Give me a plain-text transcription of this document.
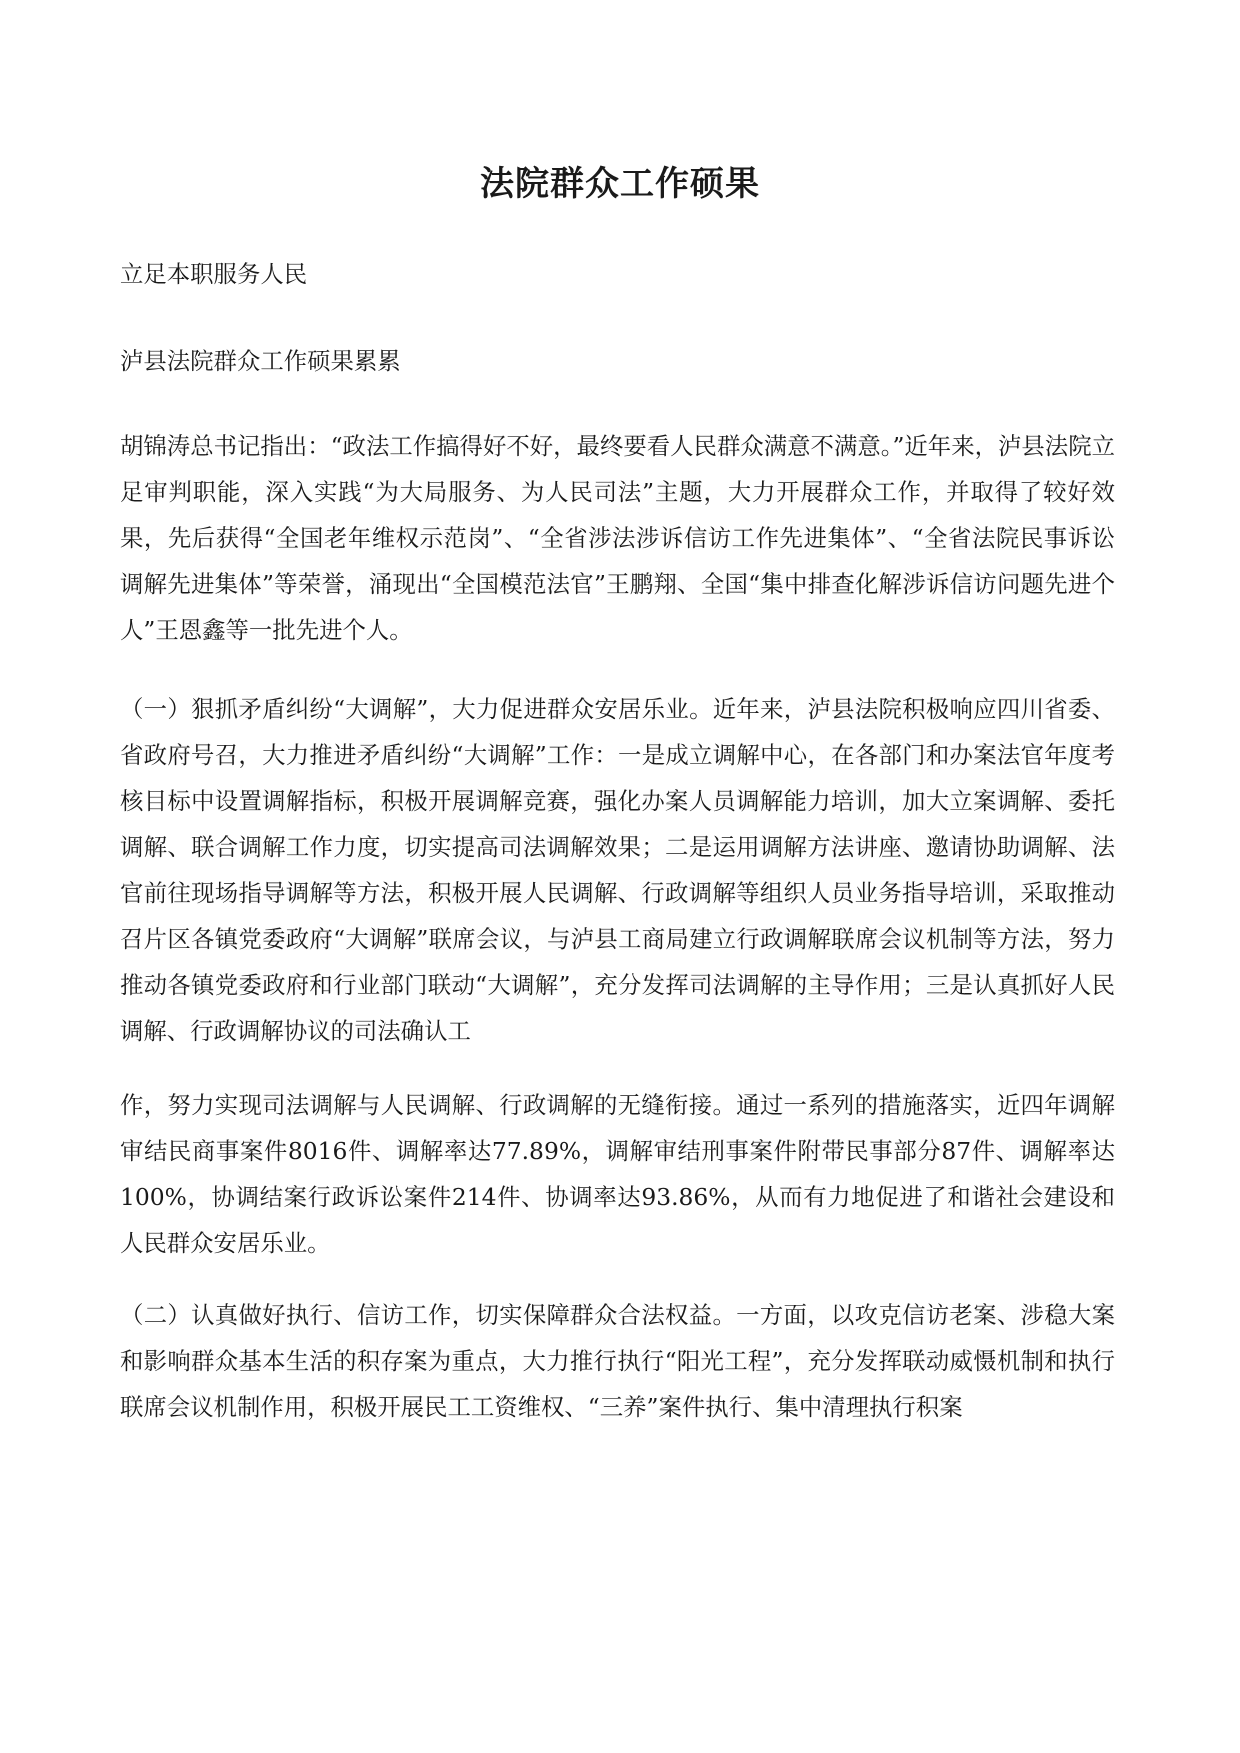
法院群众工作硕果
立足本职服务人民
泸县法院群众工作硕果累累
胡锦涛总书记指出：“政法工作搞得好不好，最终要看人民群众满意不满意。”近年来，泸县法院立足审判职能，深入实践“为大局服务、为人民司法”主题，大力开展群众工作，并取得了较好效果，先后获得“全国老年维权示范岗”、“全省涉法涉诉信访工作先进集体”、“全省法院民事诉讼调解先进集体”等荣誉，涌现出“全国模范法官”王鹏翔、全国“集中排查化解涉诉信访问题先进个人”王恩鑫等一批先进个人。
（一）狠抓矛盾纠纷“大调解”，大力促进群众安居乐业。近年来，泸县法院积极响应四川省委、省政府号召，大力推进矛盾纠纷“大调解”工作：一是成立调解中心，在各部门和办案法官年度考核目标中设置调解指标，积极开展调解竞赛，强化办案人员调解能力培训，加大立案调解、委托调解、联合调解工作力度，切实提高司法调解效果；二是运用调解方法讲座、邀请协助调解、法官前往现场指导调解等方法，积极开展人民调解、行政调解等组织人员业务指导培训，采取推动召片区各镇党委政府“大调解”联席会议，与泸县工商局建立行政调解联席会议机制等方法，努力推动各镇党委政府和行业部门联动“大调解”，充分发挥司法调解的主导作用；三是认真抓好人民调解、行政调解协议的司法确认工
作，努力实现司法调解与人民调解、行政调解的无缝衔接。通过一系列的措施落实，近四年调解审结民商事案件8016件、调解率达77.89%，调解审结刑事案件附带民事部分87件、调解率达100%，协调结案行政诉讼案件214件、协调率达93.86%，从而有力地促进了和谐社会建设和人民群众安居乐业。
（二）认真做好执行、信访工作，切实保障群众合法权益。一方面，以攻克信访老案、涉稳大案和影响群众基本生活的积存案为重点，大力推行执行“阳光工程”，充分发挥联动威慑机制和执行联席会议机制作用，积极开展民工工资维权、“三养”案件执行、集中清理执行积案
